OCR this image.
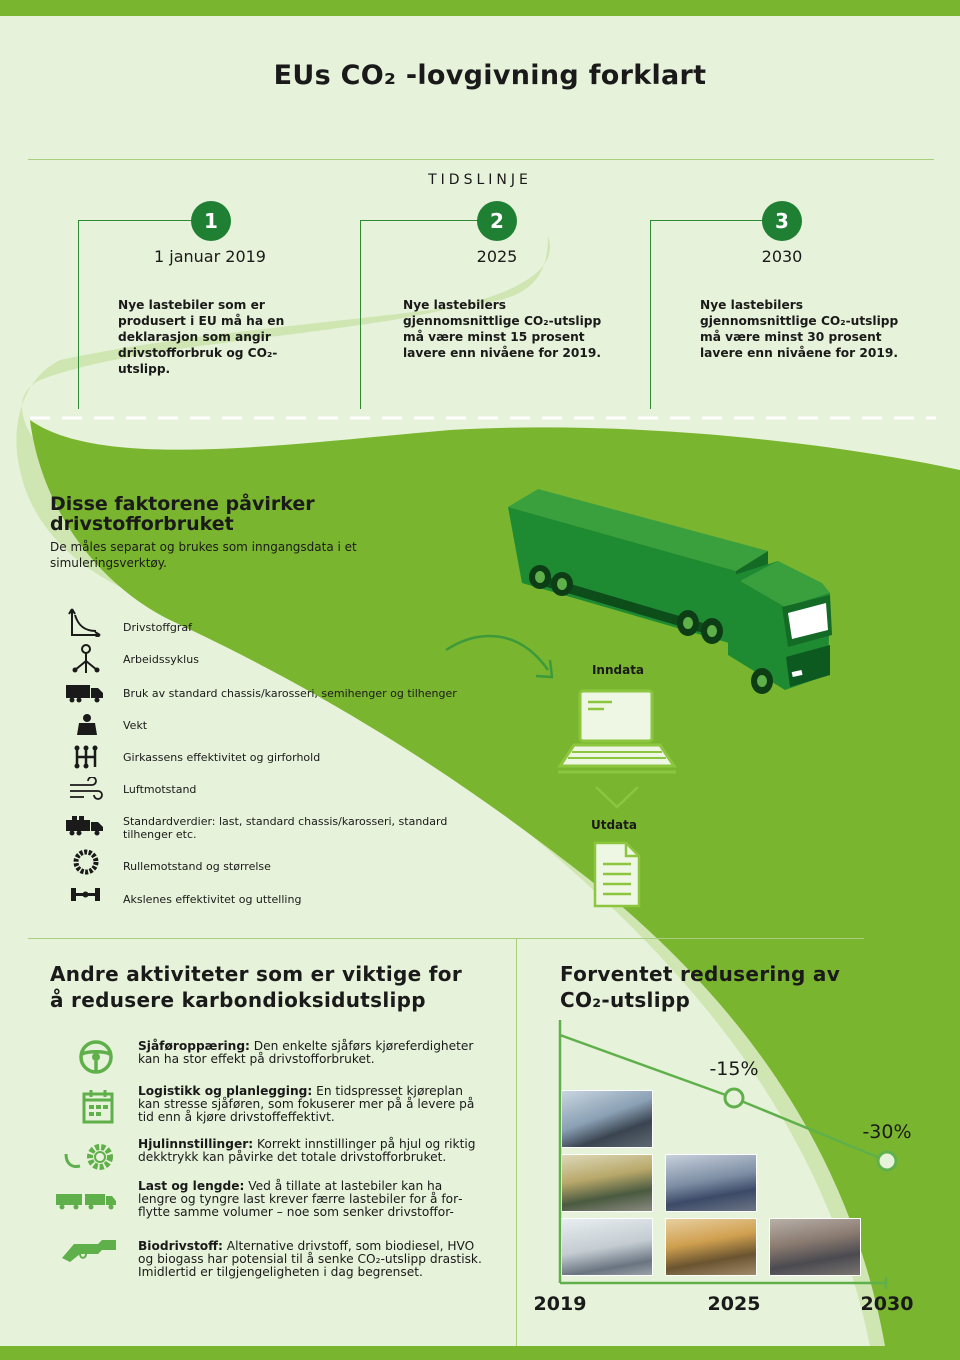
EUs CO₂ -lovgivning forklart
TIDSLINJE
1
1 januar 2019
Nye lastebiler som er produsert i EU må ha en deklarasjon som angir drivstofforbruk og CO₂-utslipp.
2
2025
Nye lastebilers gjennomsnittlige CO₂-utslipp må være minst 15 prosent lavere enn nivåene for 2019.
3
2030
Nye lastebilers gjennomsnittlige CO₂-utslipp må være minst 30 prosent lavere enn nivåene for 2019.
Disse faktorene påvirker drivstofforbruket
De måles separat og brukes som inngangsdata i et simuleringsverktøy.
Drivstoffgraf
Arbeidssyklus
Bruk av standard chassis/karosseri, semihenger og tilhenger
Vekt
Girkassens effektivitet og girforhold
Luftmotstand
Standardverdier: last, standard chassis/karosseri, standard tilhenger etc.
Rullemotstand og størrelse
Akslenes effektivitet og uttelling
Inndata
Utdata
Andre aktiviteter som er viktige for å redusere karbondioksidutslipp
Sjåføroppæring: Den enkelte sjåførs kjøreferdigheter kan ha stor effekt på drivstofforbruket.
Logistikk og planlegging: En tidspresset kjøreplan kan stresse sjåføren, som fokuserer mer på å levere på tid enn å kjøre drivstoffeffektivt.
Hjulinnstillinger: Korrekt innstillinger på hjul og riktig dekktrykk kan påvirke det totale drivstofforbruket.
Last og lengde: Ved å tillate at lastebiler kan ha lengre og tyngre last krever færre lastebiler for å forflytte samme volumer – noe som senker drivstoffor-
Biodrivstoff: Alternative drivstoff, som biodiesel, HVO og biogass har potensial til å senke CO₂-utslipp drastisk. Imidlertid er tilgjengeligheten i dag begrenset.
Forventet redusering av CO₂-utslipp
-15%
-30%
2019	2025	2030
